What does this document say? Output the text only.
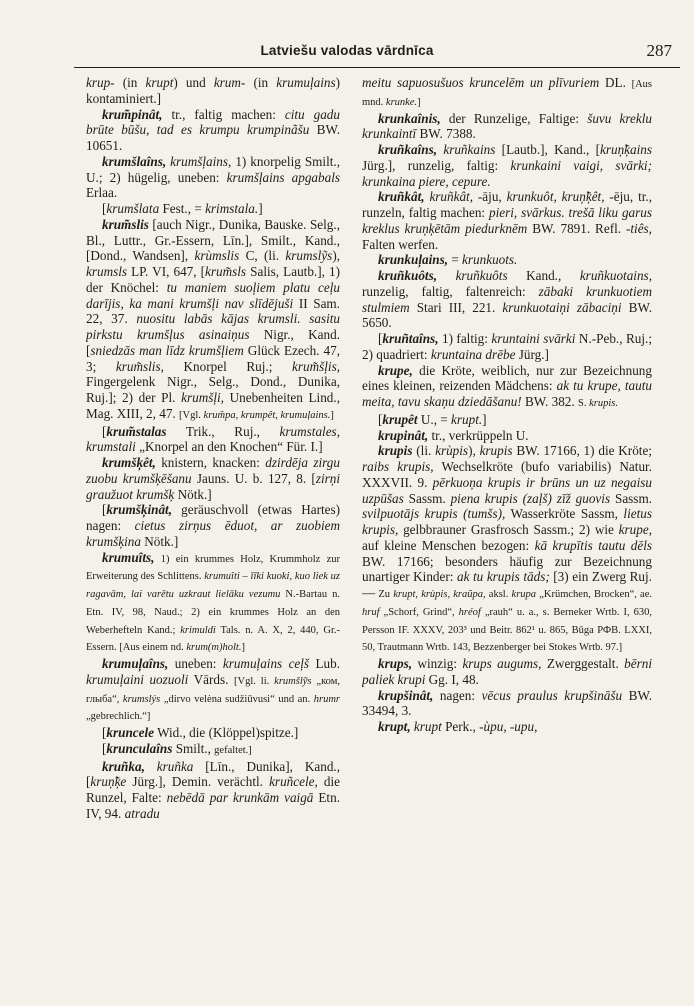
Latviešu valodas vārdnīca	287

krup- (in krupt) und krum- (in krumuļains) kontaminiert.]

krum̃pinât, tr., faltig machen: citu gadu brūte būšu, tad es krumpu krumpinãšu BW. 10651.

krumšlaîns, krumšļains, 1) knorpelig Smilt., U.; 2) hügelig, uneben: krumšļains apgabals Erlaa.

[krumšlata Fest., = krimstala.]

krum̃slis [auch Nigr., Dunika, Bauske. Selg., Bl., Luttr., Gr.-Essern, Līn.], Smilt., Kand., [Dond., Wandsen], krùmslis C, (li. krumslỹs), krumsls LP. VI, 647, [krum̃sls Salis, Lautb.], 1) der Knöchel: tu maniem suoļiem platu ceļu darījis, ka mani krumšļi nav slīdējuši II Sam. 22, 37. nuositu labās kājas krumsli. sasitu pirkstu krumšļus asinaiņus Nigr., Kand. [sniedzās man līdz krumšļiem Glück Ezech. 47, 3; krum̃slis, Knorpel Ruj.; krum̃šļis, Fingergelenk Nigr., Selg., Dond., Dunika, Ruj.]; 2) der Pl. krumšļi, Unebenheiten Lind., Mag. XIII, 2, 47. [Vgl. krum̃pa, krumpêt, krumuļains.]

[krum̃stalas Trik., Ruj., krumstales, krumstali „Knorpel an den Knochen“ Für. I.]

krumšķêt, knistern, knacken: dzirdēja zirgu zuobu krumšķēšanu Jauns. U. b. 127, 8. [zirņi graužuot krumšķ Nötk.]

[krumšķinât, geräuschvoll (etwas Hartes) nagen: cietus zirņus ēduot, ar zuobiem krumšķina Nötk.]

krumuîts, 1) ein krummes Holz, Krummholz zur Erweiterung des Schlittens. krumuîti – īīki kuoki, kuo liek uz ragavām, lai varētu uzkraut lielāku vezumu N.-Bartau n. Etn. IV, 98, Naud.; 2) ein krummes Holz an den Weberhefteln Kand.; krimuldi Tals. n. A. X, 2, 440, Gr.-Essern. [Aus einem nd. krum(m)holt.]

krumuļaîns, uneben: krumuļains ceļš Lub. krumuļaini uozuoli Vārds. [Vgl. li. krumšlỹs „ком, глыба“, krumslýs „dirvo velėna sudžiūvusi“ und an. hrumr „gebrechlich.“]

[kruncele Wid., die (Klöppel)spitze.]

[krunculaîns Smilt., gefaltet.]

kruñka, kruñka [Līn., Dunika], Kand., [kruņ̃ķe Jürg.], Demin. verächtl. kruñcele, die Runzel, Falte: nebēdā par krunkām vaigā Etn. IV, 94. atradu

meitu sapuosušuos kruncelēm un plīvuriem DL. [Aus mnd. krunke.]

krunkaînis, der Runzelige, Faltige: šuvu kreklu krunkaintī BW. 7388.

kruñkaîns, kruñkains [Lautb.], Kand., [kruņ̃ķains Jürg.], runzelig, faltig: krunkaini vaigi, svārki; krunkaina piere, cepure.

kruñkât, kruñkât, -āju, krunkuôt, kruņ̃ķêt, -ēju, tr., runzeln, faltig machen: pieri, svārkus. trešā liku garus kreklus kruņķētām piedurknēm BW. 7891. Refl. -tiês, Falten werfen.

krunkuļains, = krunkuots.

kruñkuôts, kruñkuôts Kand., kruñkuotains, runzelig, faltig, faltenreich: zābaki krunkuotiem stulmiem Stari III, 221. krunkuotaiņi zābaciņi BW. 5650.

[kruñtaîns, 1) faltig: kruntaini svārki N.-Peb., Ruj.; 2) quadriert: kruntaina drēbe Jürg.]

krupe, die Kröte, weiblich, nur zur Bezeichnung eines kleinen, reizenden Mädchens: ak tu krupe, tautu meita, tavu skaņu dziedāšanu! BW. 382. S. krupis.

[krupêt U., = krupt.]

krupinât, tr., verkrüppeln U.

krupis (li. krùpis), krupis BW. 17166, 1) die Kröte; raibs krupis, Wechselkröte (bufo variabilis) Natur. XXXVII. 9. pērkuoņa krupis ir brūns un uz negaisu uzpūšas Sassm. piena krupis (zaļš) zīž guovis Sassm. svilpuotājs krupis (tumšs), Wasserkröte Sassm, lietus krupis, gelbbrauner Grasfrosch Sassm.; 2) wie krupe, auf kleine Menschen bezogen: kā krupītis tautu dēls BW. 17166; besonders häufig zur Bezeichnung unartiger Kinder: ak tu krupis tāds; [3) ein Zwerg Ruj. — Zu krupt, krùpis, kraũpa, aksl. krupa „Krümchen, Brocken“, ae. hruf „Schorf, Grind“, hréof „rauh“ u. a., s. Berneker Wrtb. I, 630, Persson IF. XXXV, 203³ und Beitr. 862¹ u. 865, Būga РФВ. LXXI, 50, Trautmann Wrtb. 143, Bezzenberger bei Stokes Wrtb. 97.]

krups, winzig: krups augums, Zwerggestalt. bērni paliek krupi Gg. I, 48.

krupšinât, nagen: vēcus praulus krupšināšu BW. 33494, 3.

krupt, krupt Perk., -ùpu, -upu,
